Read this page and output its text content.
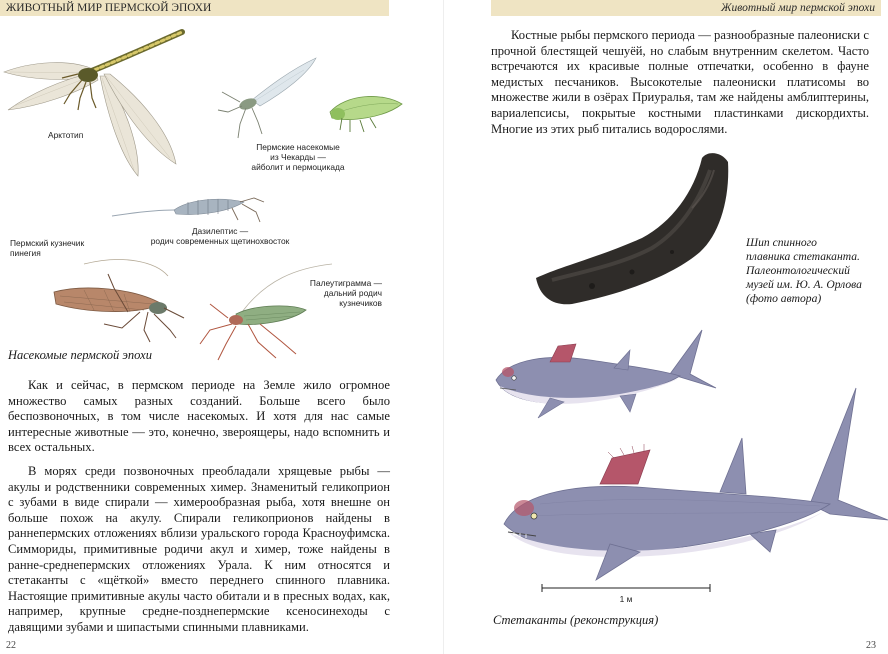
ЖИВОТНЫЙ МИР ПЕРМСКОЙ ЭПОХИ
Арктотип
Пермские насекомые
из Чекарды —
айболит и пермоцикада
Дазилептис —
родич современных щетинохвосток
Пермский кузнечик
пинегия
Палеутиграмма —
дальний родич
кузнечиков
Насекомые пермской эпохи

Как и сейчас, в пермском периоде на Земле жило огромное множество самых разных созданий. Больше всего было беспозвоночных, в том числе насекомых. И хотя для нас самые интересные животные — это, конечно, звероящеры, надо вспомнить и всех остальных.

В морях среди позвоночных преобладали хрящевые рыбы — акулы и родственники современных химер. Знаменитый геликоприон с зубами в виде спирали — химерообразная рыба, хотя внешне он больше похож на акулу. Спирали геликоприонов найдены в раннепермских отложениях вблизи уральского города Красноуфимска. Симмориды, примитивные родичи акул и химер, тоже найдены в ранне-среднепермских отложениях Урала. К ним относятся и стетаканты с «щёткой» вместо переднего спинного плавника. Настоящие примитивные акулы часто обитали и в пресных водах, как, например, крупные средне-позднепермские ксеносинеходы с давящими зубами и шипастыми спинными плавниками.

22
Животный мир пермской эпохи

Костные рыбы пермского периода — разнообразные палеониски с прочной блестящей чешуёй, но слабым внутренним скелетом. Часто встречаются их красивые полные отпечатки, особенно в фауне медистых песчаников. Высокотелые палеониски платисомы во множестве жили в озёрах Приуралья, там же найдены амблиптерины, вариалепсисы, покрытые костными пластинками дискордихты. Многие из этих рыб питались водорослями.

Шип спинного
плавника стетаканта.
Палеонтологический
музей им. Ю. А. Орлова
(фото автора)
1 м
Стетаканты (реконструкция)
23
